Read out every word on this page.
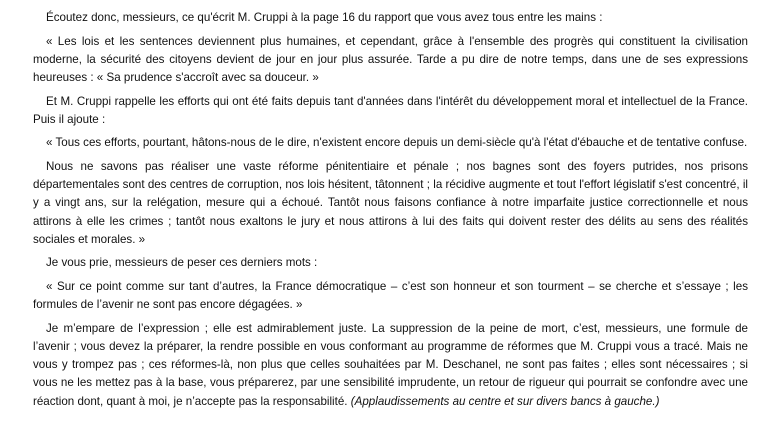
Écoutez donc, messieurs, ce qu'écrit M. Cruppi à la page 16 du rapport que vous avez tous entre les mains :

« Les lois et les sentences deviennent plus humaines, et cependant, grâce à l'ensemble des progrès qui constituent la civilisation moderne, la sécurité des citoyens devient de jour en jour plus assurée. Tarde a pu dire de notre temps, dans une de ses expressions heureuses : « Sa prudence s'accroît avec sa douceur. »

Et M. Cruppi rappelle les efforts qui ont été faits depuis tant d'années dans l'intérêt du développement moral et intellectuel de la France. Puis il ajoute :

« Tous ces efforts, pourtant, hâtons-nous de le dire, n'existent encore depuis un demi-siècle qu'à l'état d'ébauche et de tentative confuse.

Nous ne savons pas réaliser une vaste réforme pénitentiaire et pénale ; nos bagnes sont des foyers putrides, nos prisons départementales sont des centres de corruption, nos lois hésitent, tâtonnent ; la récidive augmente et tout l'effort législatif s'est concentré, il y a vingt ans, sur la relégation, mesure qui a échoué. Tantôt nous faisons confiance à notre imparfaite justice correctionnelle et nous attirons à elle les crimes ; tantôt nous exaltons le jury et nous attirons à lui des faits qui doivent rester des délits au sens des réalités sociales et morales. »

Je vous prie, messieurs de peser ces derniers mots :

« Sur ce point comme sur tant d’autres, la France démocratique – c’est son honneur et son tourment – se cherche et s’essaye ; les formules de l’avenir ne sont pas encore dégagées. »

Je m’empare de l’expression ; elle est admirablement juste. La suppression de la peine de mort, c’est, messieurs, une formule de l’avenir ; vous devez la préparer, la rendre possible en vous conformant au programme de réformes que M. Cruppi vous a tracé. Mais ne vous y trompez pas ; ces réformes-là, non plus que celles souhaitées par M. Deschanel, ne sont pas faites ; elles sont nécessaires ; si vous ne les mettez pas à la base, vous préparerez, par une sensibilité imprudente, un retour de rigueur qui pourrait se confondre avec une réaction dont, quant à moi, je n’accepte pas la responsabilité. (Applaudissements au centre et sur divers bancs à gauche.)
